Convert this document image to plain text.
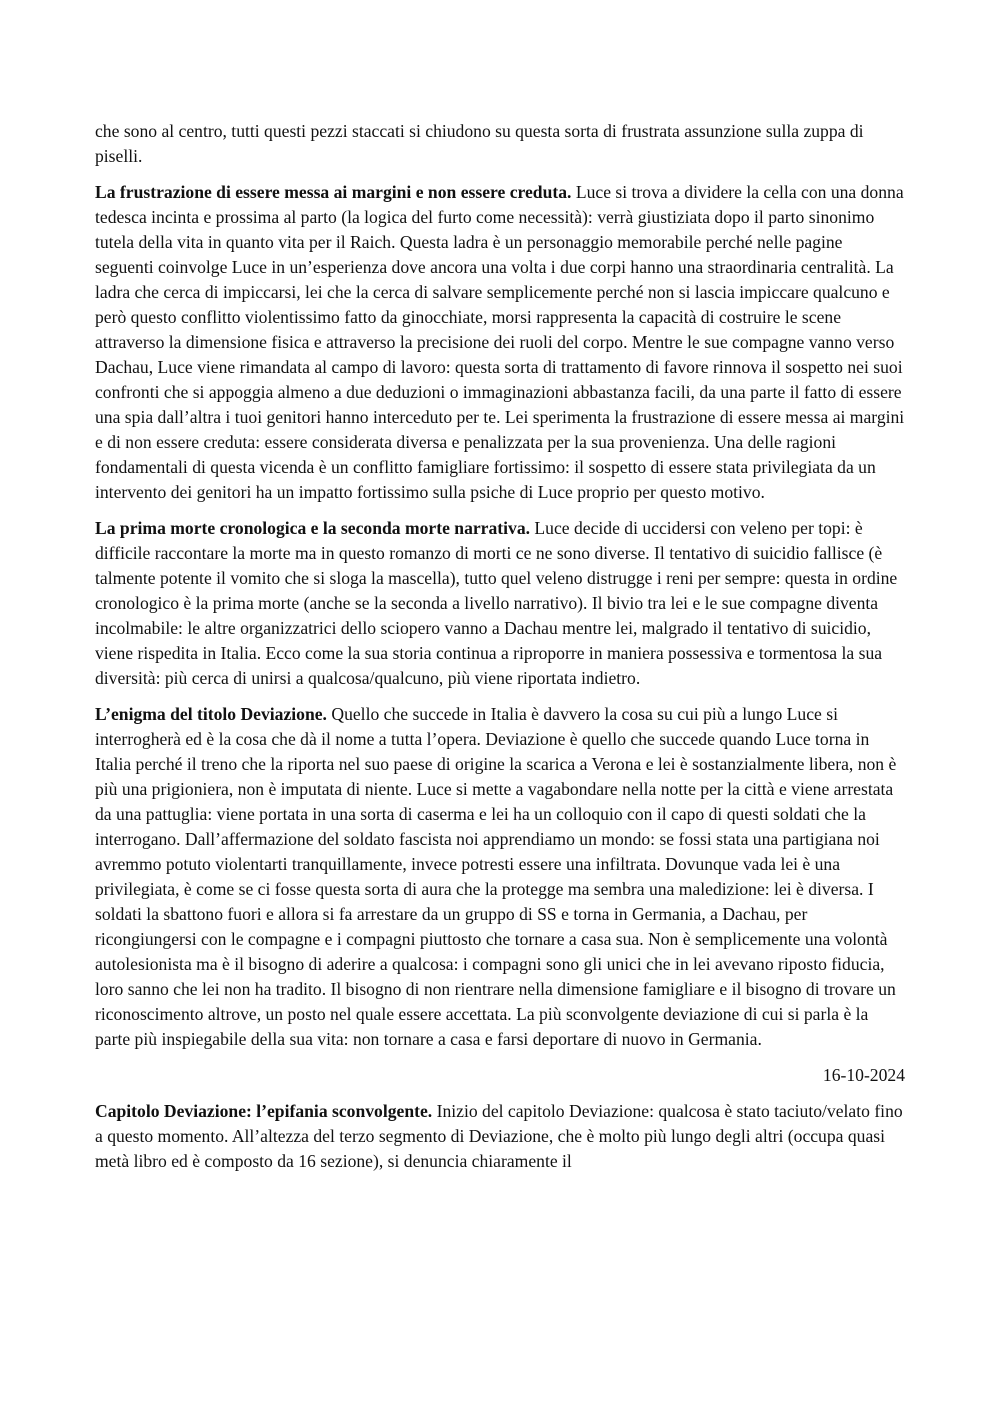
che sono al centro, tutti questi pezzi staccati si chiudono su questa sorta di frustrata assunzione sulla zuppa di piselli.

La frustrazione di essere messa ai margini e non essere creduta. Luce si trova a dividere la cella con una donna tedesca incinta e prossima al parto (la logica del furto come necessità): verrà giustiziata dopo il parto sinonimo tutela della vita in quanto vita per il Raich. Questa ladra è un personaggio memorabile perché nelle pagine seguenti coinvolge Luce in un’esperienza dove ancora una volta i due corpi hanno una straordinaria centralità. La ladra che cerca di impiccarsi, lei che la cerca di salvare semplicemente perché non si lascia impiccare qualcuno e però questo conflitto violentissimo fatto da ginocchiate, morsi rappresenta la capacità di costruire le scene attraverso la dimensione fisica e attraverso la precisione dei ruoli del corpo. Mentre le sue compagne vanno verso Dachau, Luce viene rimandata al campo di lavoro: questa sorta di trattamento di favore rinnova il sospetto nei suoi confronti che si appoggia almeno a due deduzioni o immaginazioni abbastanza facili, da una parte il fatto di essere una spia dall’altra i tuoi genitori hanno interceduto per te. Lei sperimenta la frustrazione di essere messa ai margini e di non essere creduta: essere considerata diversa e penalizzata per la sua provenienza. Una delle ragioni fondamentali di questa vicenda è un conflitto famigliare fortissimo: il sospetto di essere stata privilegiata da un intervento dei genitori ha un impatto fortissimo sulla psiche di Luce proprio per questo motivo.

La prima morte cronologica e la seconda morte narrativa. Luce decide di uccidersi con veleno per topi: è difficile raccontare la morte ma in questo romanzo di morti ce ne sono diverse. Il tentativo di suicidio fallisce (è talmente potente il vomito che si sloga la mascella), tutto quel veleno distrugge i reni per sempre: questa in ordine cronologico è la prima morte (anche se la seconda a livello narrativo). Il bivio tra lei e le sue compagne diventa incolmabile: le altre organizzatrici dello sciopero vanno a Dachau mentre lei, malgrado il tentativo di suicidio, viene rispedita in Italia. Ecco come la sua storia continua a riproporre in maniera possessiva e tormentosa la sua diversità: più cerca di unirsi a qualcosa/qualcuno, più viene riportata indietro.

L’enigma del titolo Deviazione. Quello che succede in Italia è davvero la cosa su cui più a lungo Luce si interrogherà ed è la cosa che dà il nome a tutta l’opera. Deviazione è quello che succede quando Luce torna in Italia perché il treno che la riporta nel suo paese di origine la scarica a Verona e lei è sostanzialmente libera, non è più una prigioniera, non è imputata di niente. Luce si mette a vagabondare nella notte per la città e viene arrestata da una pattuglia: viene portata in una sorta di caserma e lei ha un colloquio con il capo di questi soldati che la interrogano. Dall’affermazione del soldato fascista noi apprendiamo un mondo: se fossi stata una partigiana noi avremmo potuto violentarti tranquillamente, invece potresti essere una infiltrata. Dovunque vada lei è una privilegiata, è come se ci fosse questa sorta di aura che la protegge ma sembra una maledizione: lei è diversa. I soldati la sbattono fuori e allora si fa arrestare da un gruppo di SS e torna in Germania, a Dachau, per ricongiungersi con le compagne e i compagni piuttosto che tornare a casa sua. Non è semplicemente una volontà autolesionista ma è il bisogno di aderire a qualcosa: i compagni sono gli unici che in lei avevano riposto fiducia, loro sanno che lei non ha tradito. Il bisogno di non rientrare nella dimensione famigliare e il bisogno di trovare un riconoscimento altrove, un posto nel quale essere accettata. La più sconvolgente deviazione di cui si parla è la parte più inspiegabile della sua vita: non tornare a casa e farsi deportare di nuovo in Germania.

16-10-2024

Capitolo Deviazione: l’epifania sconvolgente. Inizio del capitolo Deviazione: qualcosa è stato taciuto/velato fino a questo momento. All’altezza del terzo segmento di Deviazione, che è molto più lungo degli altri (occupa quasi metà libro ed è composto da 16 sezione), si denuncia chiaramente il
